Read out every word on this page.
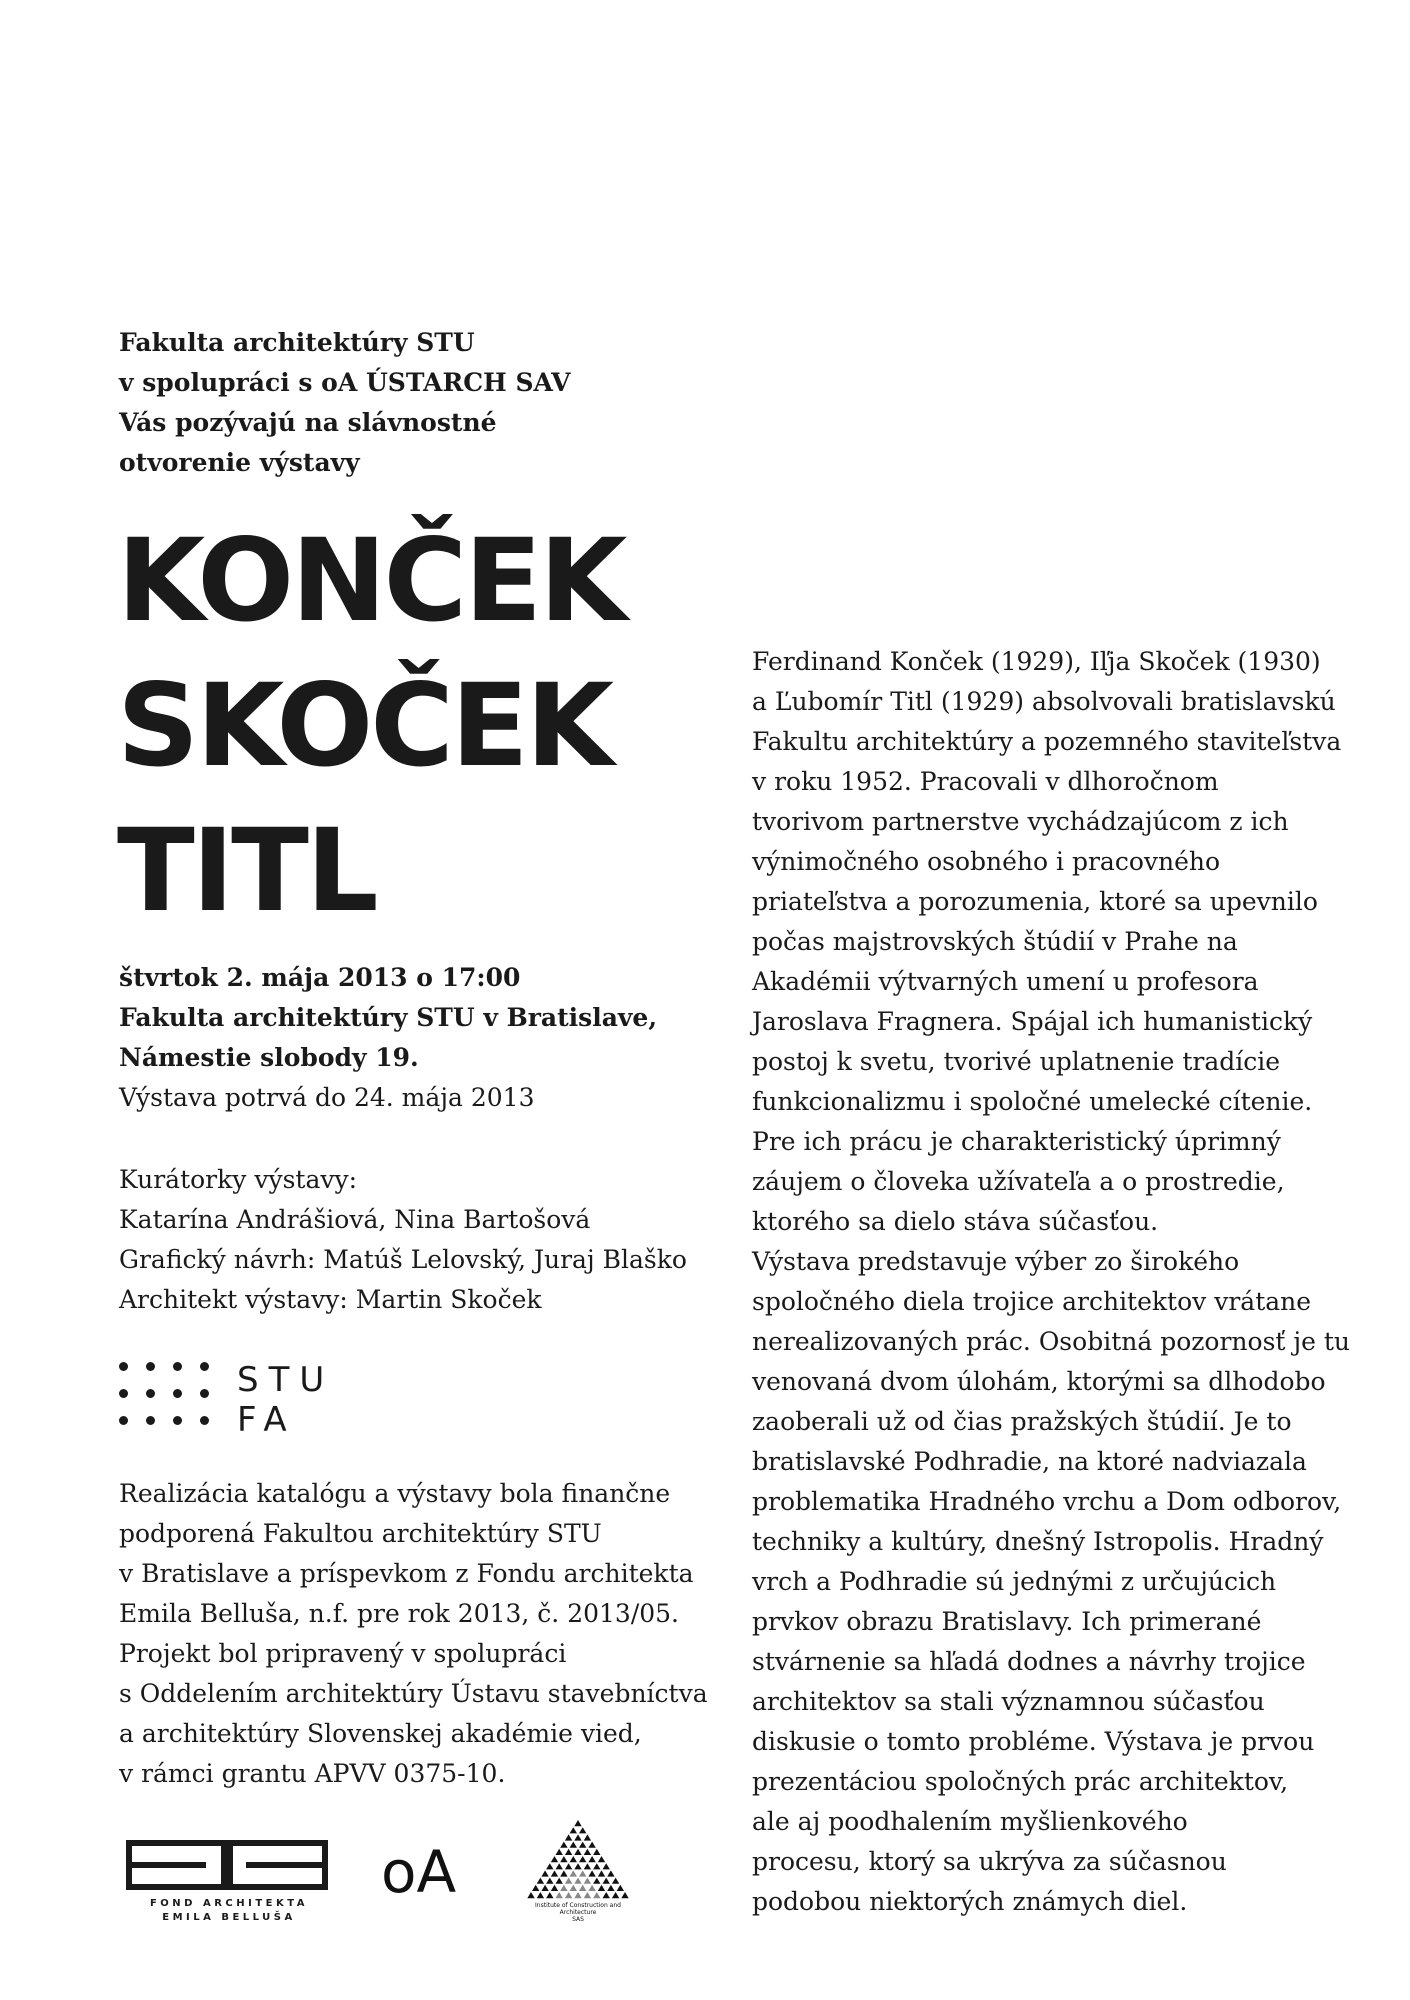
Fakulta architektúry STU
v spolupráci s oA ÚSTARCH SAV
Vás pozývajú na slávnostné
otvorenie výstavy
KONČEK
SKOČEK
TITL
štvrtok 2. mája 2013 o 17:00
Fakulta architektúry STU v Bratislave,
Námestie slobody 19.
Výstava potrvá do 24. mája 2013
Kurátorky výstavy:
Katarína Andrášiová, Nina Bartošová
Grafický návrh: Matúš Lelovský, Juraj Blaško
Architekt výstavy: Martin Skoček
STU
FA
Realizácia katalógu a výstavy bola finančne
podporená Fakultou architektúry STU
v Bratislave a príspevkom z Fondu architekta
Emila Belluša, n.f. pre rok 2013, č. 2013/05.
Projekt bol pripravený v spolupráci
s Oddelením architektúry Ústavu stavebníctva
a architektúry Slovenskej akadémie vied,
v rámci grantu APVV 0375-10.
Ferdinand Konček (1929), Iľja Skoček (1930)
a Ľubomír Titl (1929) absolvovali bratislavskú
Fakultu architektúry a pozemného staviteľstva
v roku 1952. Pracovali v dlhoročnom
tvorivom partnerstve vychádzajúcom z ich
výnimočného osobného i pracovného
priateľstva a porozumenia, ktoré sa upevnilo
počas majstrovských štúdií v Prahe na
Akadémii výtvarných umení u profesora
Jaroslava Fragnera. Spájal ich humanistický
postoj k svetu, tvorivé uplatnenie tradície
funkcionalizmu i spoločné umelecké cítenie.
Pre ich prácu je charakteristický úprimný
záujem o človeka užívateľa a o prostredie,
ktorého sa dielo stáva súčasťou.
Výstava predstavuje výber zo širokého
spoločného diela trojice architektov vrátane
nerealizovaných prác. Osobitná pozornosť je tu
venovaná dvom úlohám, ktorými sa dlhodobo
zaoberali už od čias pražských štúdií. Je to
bratislavské Podhradie, na ktoré nadviazala
problematika Hradného vrchu a Dom odborov,
techniky a kultúry, dnešný Istropolis. Hradný
vrch a Podhradie sú jednými z určujúcich
prvkov obrazu Bratislavy. Ich primerané
stvárnenie sa hľadá dodnes a návrhy trojice
architektov sa stali významnou súčasťou
diskusie o tomto probléme. Výstava je prvou
prezentáciou spoločných prác architektov,
ale aj poodhalením myšlienkového
procesu, ktorý sa ukrýva za súčasnou
podobou niektorých známych diel.
FOND ARCHITEKTA
EMILA BELLUŠA
oA	Institute of Construction and
Architecture
SAS
